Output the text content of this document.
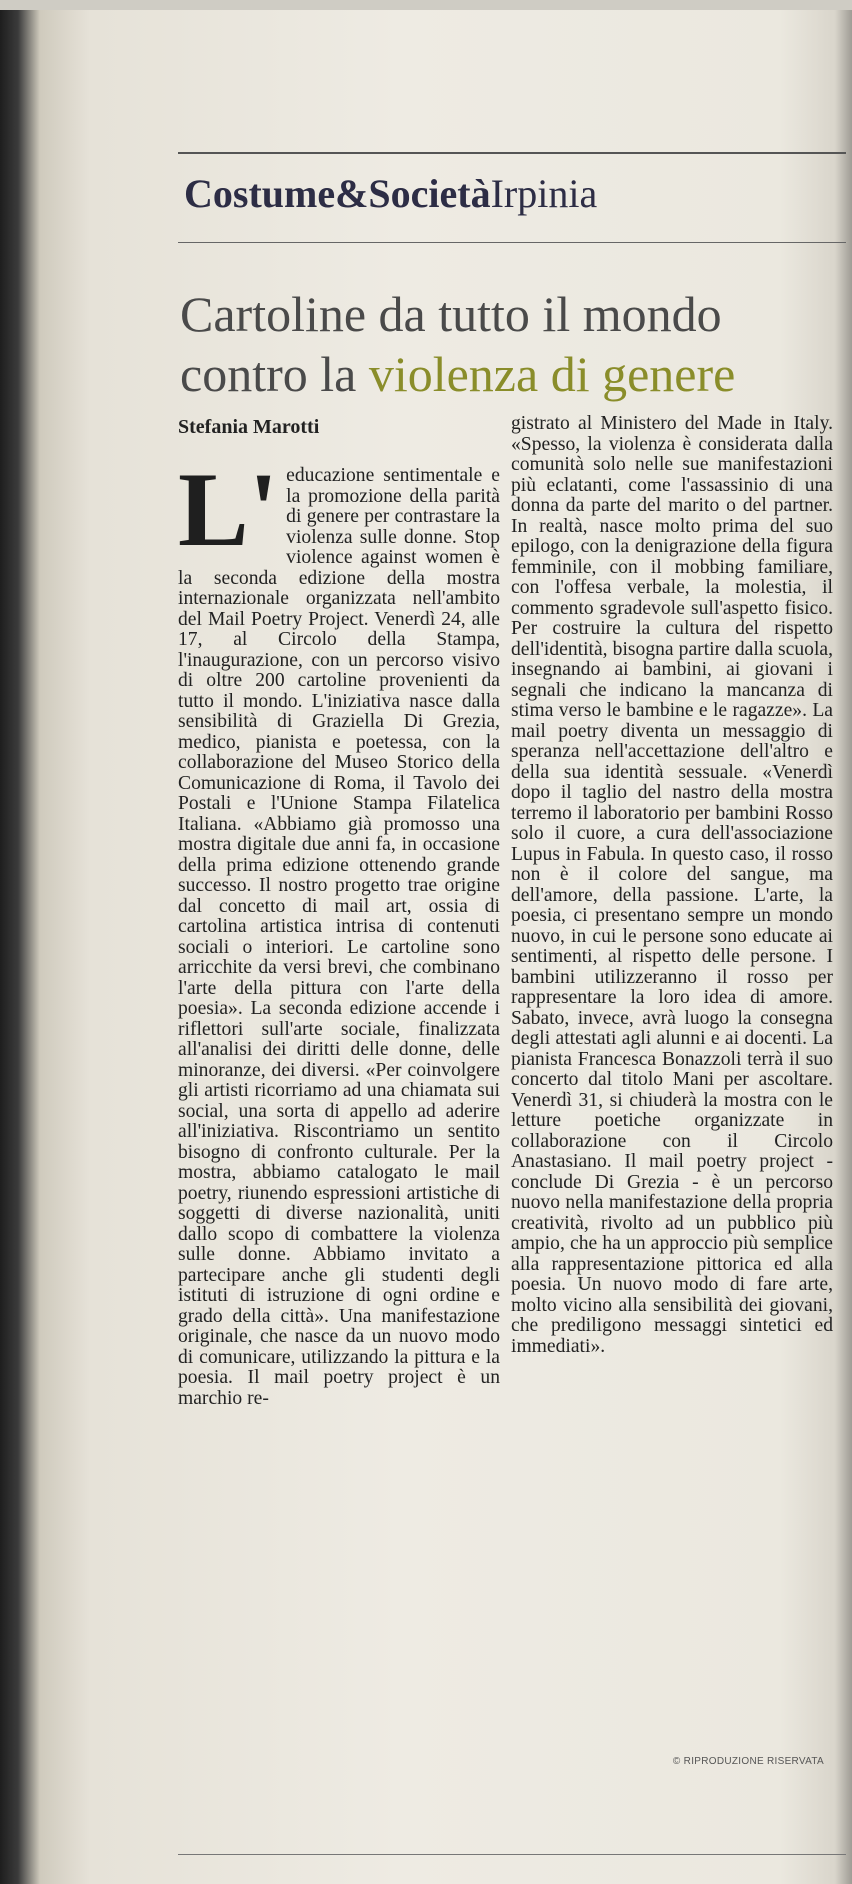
Costume&SocietàIrpinia
Cartoline da tutto il mondo
contro la violenza di genere
Stefania Marotti
L' educazione sentimentale e la promozione della parità di genere per contrastare la violenza sulle donne. Stop violence against women è la seconda edizione della mostra internazionale organizzata nell'ambito del Mail Poetry Project. Venerdì 24, alle 17, al Circolo della Stampa, l'inaugurazione, con un percorso visivo di oltre 200 cartoline provenienti da tutto il mondo. L'iniziativa nasce dalla sensibilità di Graziella Di Grezia, medico, pianista e poetessa, con la collaborazione del Museo Storico della Comunicazione di Roma, il Tavolo dei Postali e l'Unione Stampa Filatelica Italiana. «Abbiamo già promosso una mostra digitale due anni fa, in occasione della prima edizione ottenendo grande successo. Il nostro progetto trae origine dal concetto di mail art, ossia di cartolina artistica intrisa di contenuti sociali o interiori. Le cartoline sono arricchite da versi brevi, che combinano l'arte della pittura con l'arte della poesia». La seconda edizione accende i riflettori sull'arte sociale, finalizzata all'analisi dei diritti delle donne, delle minoranze, dei diversi. «Per coinvolgere gli artisti ricorriamo ad una chiamata sui social, una sorta di appello ad aderire all'iniziativa. Riscontriamo un sentito bisogno di confronto culturale. Per la mostra, abbiamo catalogato le mail poetry, riunendo espressioni artistiche di soggetti di diverse nazionalità, uniti dallo scopo di combattere la violenza sulle donne. Abbiamo invitato a partecipare anche gli studenti degli istituti di istruzione di ogni ordine e grado della città». Una manifestazione originale, che nasce da un nuovo modo di comunicare, utilizzando la pittura e la poesia. Il mail poetry project è un marchio re-

gistrato al Ministero del Made in Italy. «Spesso, la violenza è considerata dalla comunità solo nelle sue manifestazioni più eclatanti, come l'assassinio di una donna da parte del marito o del partner. In realtà, nasce molto prima del suo epilogo, con la denigrazione della figura femminile, con il mobbing familiare, con l'offesa verbale, la molestia, il commento sgradevole sull'aspetto fisico. Per costruire la cultura del rispetto dell'identità, bisogna partire dalla scuola, insegnando ai bambini, ai giovani i segnali che indicano la mancanza di stima verso le bambine e le ragazze». La mail poetry diventa un messaggio di speranza nell'accettazione dell'altro e della sua identità sessuale. «Venerdì dopo il taglio del nastro della mostra terremo il laboratorio per bambini Rosso solo il cuore, a cura dell'associazione Lupus in Fabula. In questo caso, il rosso non è il colore del sangue, ma dell'amore, della passione. L'arte, la poesia, ci presentano sempre un mondo nuovo, in cui le persone sono educate ai sentimenti, al rispetto delle persone. I bambini utilizzeranno il rosso per rappresentare la loro idea di amore. Sabato, invece, avrà luogo la consegna degli attestati agli alunni e ai docenti. La pianista Francesca Bonazzoli terrà il suo concerto dal titolo Mani per ascoltare. Venerdì 31, si chiuderà la mostra con le letture poetiche organizzate in collaborazione con il Circolo Anastasiano. Il mail poetry project - conclude Di Grezia - è un percorso nuovo nella manifestazione della propria creatività, rivolto ad un pubblico più ampio, che ha un approccio più semplice alla rappresentazione pittorica ed alla poesia. Un nuovo modo di fare arte, molto vicino alla sensibilità dei giovani, che prediligono messaggi sintetici ed immediati».

© RIPRODUZIONE RISERVATA
